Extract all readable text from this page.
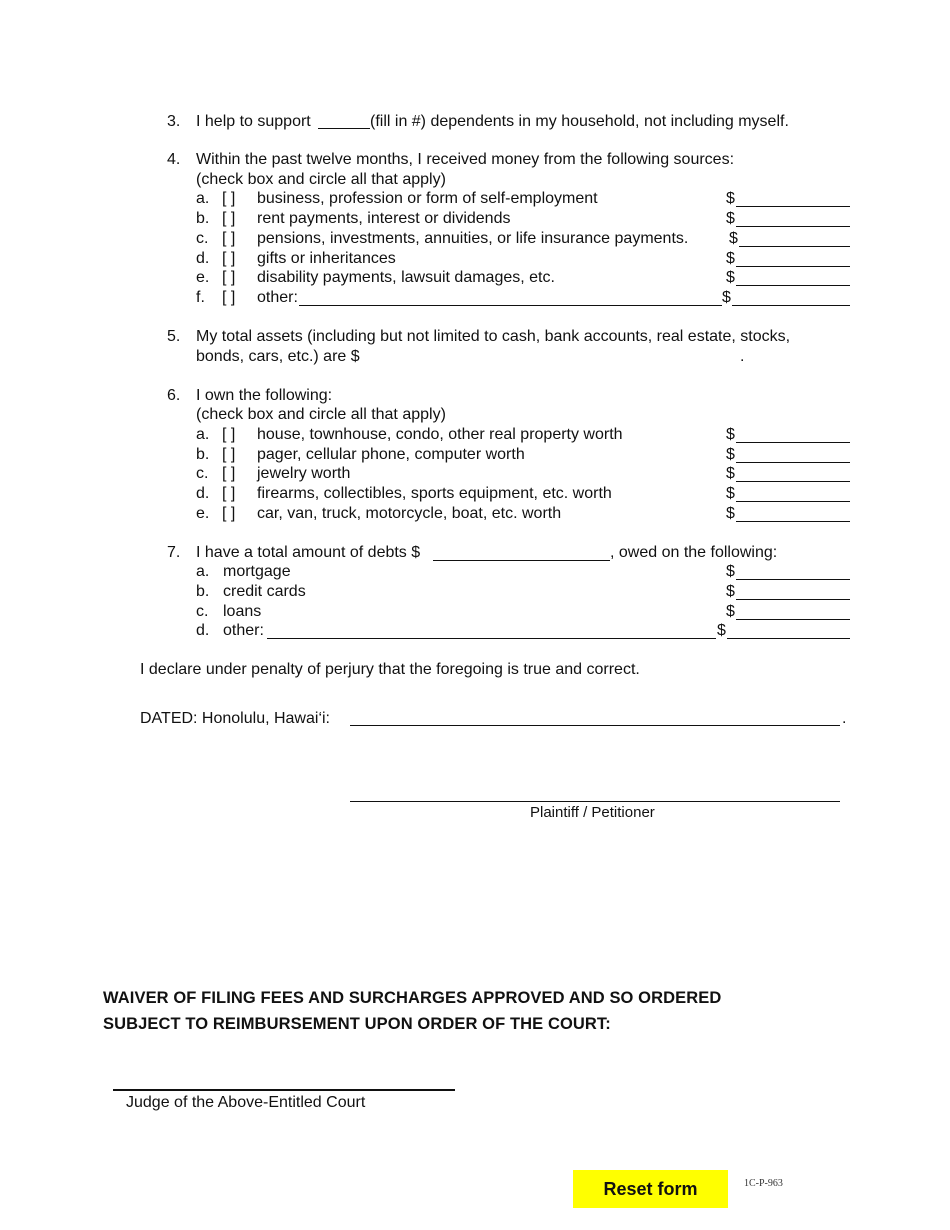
3. I help to support	(fill in #) dependents in my household, not including myself.
4. Within the past twelve months, I received money from the following sources:
(check box and circle all that apply)
a. [ ] business, profession or form of self-employment	$
b. [ ] rent payments, interest or dividends	$
c. [ ] pensions, investments, annuities, or life insurance payments.	$
d. [ ] gifts or inheritances	$
e. [ ] disability payments, lawsuit damages, etc.	$
f. [ ] other:	$
5. My total assets (including but not limited to cash, bank accounts, real estate, stocks,
bonds, cars, etc.) are $	.
6. I own the following:
(check box and circle all that apply)
a. [ ] house, townhouse, condo, other real property worth	$
b. [ ] pager, cellular phone, computer worth	$
c. [ ] jewelry worth	$
d. [ ] firearms, collectibles, sports equipment, etc. worth	$
e. [ ] car, van, truck, motorcycle, boat, etc. worth	$
7. I have a total amount of debts $	, owed on the following:
a. mortgage	$
b. credit cards	$
c. loans	$
d. other:	$
I declare under penalty of perjury that the foregoing is true and correct.
DATED: Honolulu, Hawai‘i:	.
Plaintiff / Petitioner
WAIVER OF FILING FEES AND SURCHARGES APPROVED AND SO ORDERED
SUBJECT TO REIMBURSEMENT UPON ORDER OF THE COURT:
Judge of the Above-Entitled Court
Reset form	1C-P-963
